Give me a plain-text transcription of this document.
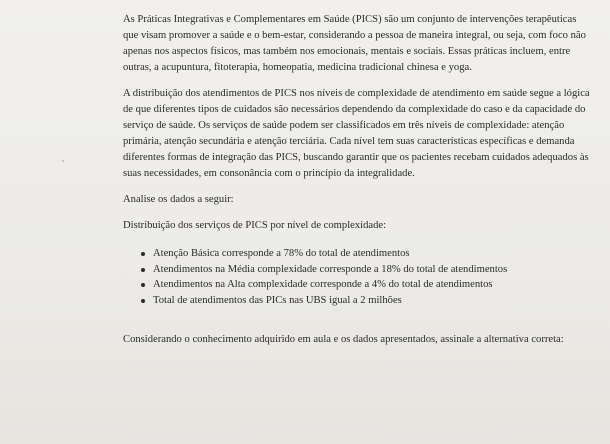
As Práticas Integrativas e Complementares em Saúde (PICS) são um conjunto de intervenções terapêuticas que visam promover a saúde e o bem-estar, considerando a pessoa de maneira integral, ou seja, com foco não apenas nos aspectos físicos, mas também nos emocionais, mentais e sociais. Essas práticas incluem, entre outras, a acupuntura, fitoterapia, homeopatia, medicina tradicional chinesa e yoga.

A distribuição dos atendimentos de PICS nos níveis de complexidade de atendimento em saúde segue a lógica de que diferentes tipos de cuidados são necessários dependendo da complexidade do caso e da capacidade do serviço de saúde. Os serviços de saúde podem ser classificados em três níveis de complexidade: atenção primária, atenção secundária e atenção terciária. Cada nível tem suas características específicas e demanda diferentes formas de integração das PICS, buscando garantir que os pacientes recebam cuidados adequados às suas necessidades, em consonância com o princípio da integralidade.

Analise os dados a seguir:

Distribuição dos serviços de PICS por nível de complexidade:

Atenção Básica corresponde a 78% do total de atendimentos
Atendimentos na Média complexidade corresponde a 18% do total de atendimentos
Atendimentos na Alta complexidade corresponde a 4% do total de atendimentos
Total de atendimentos das PICs nas UBS igual a 2 milhões

Considerando o conhecimento adquirido em aula e os dados apresentados, assinale a alternativa correta:
